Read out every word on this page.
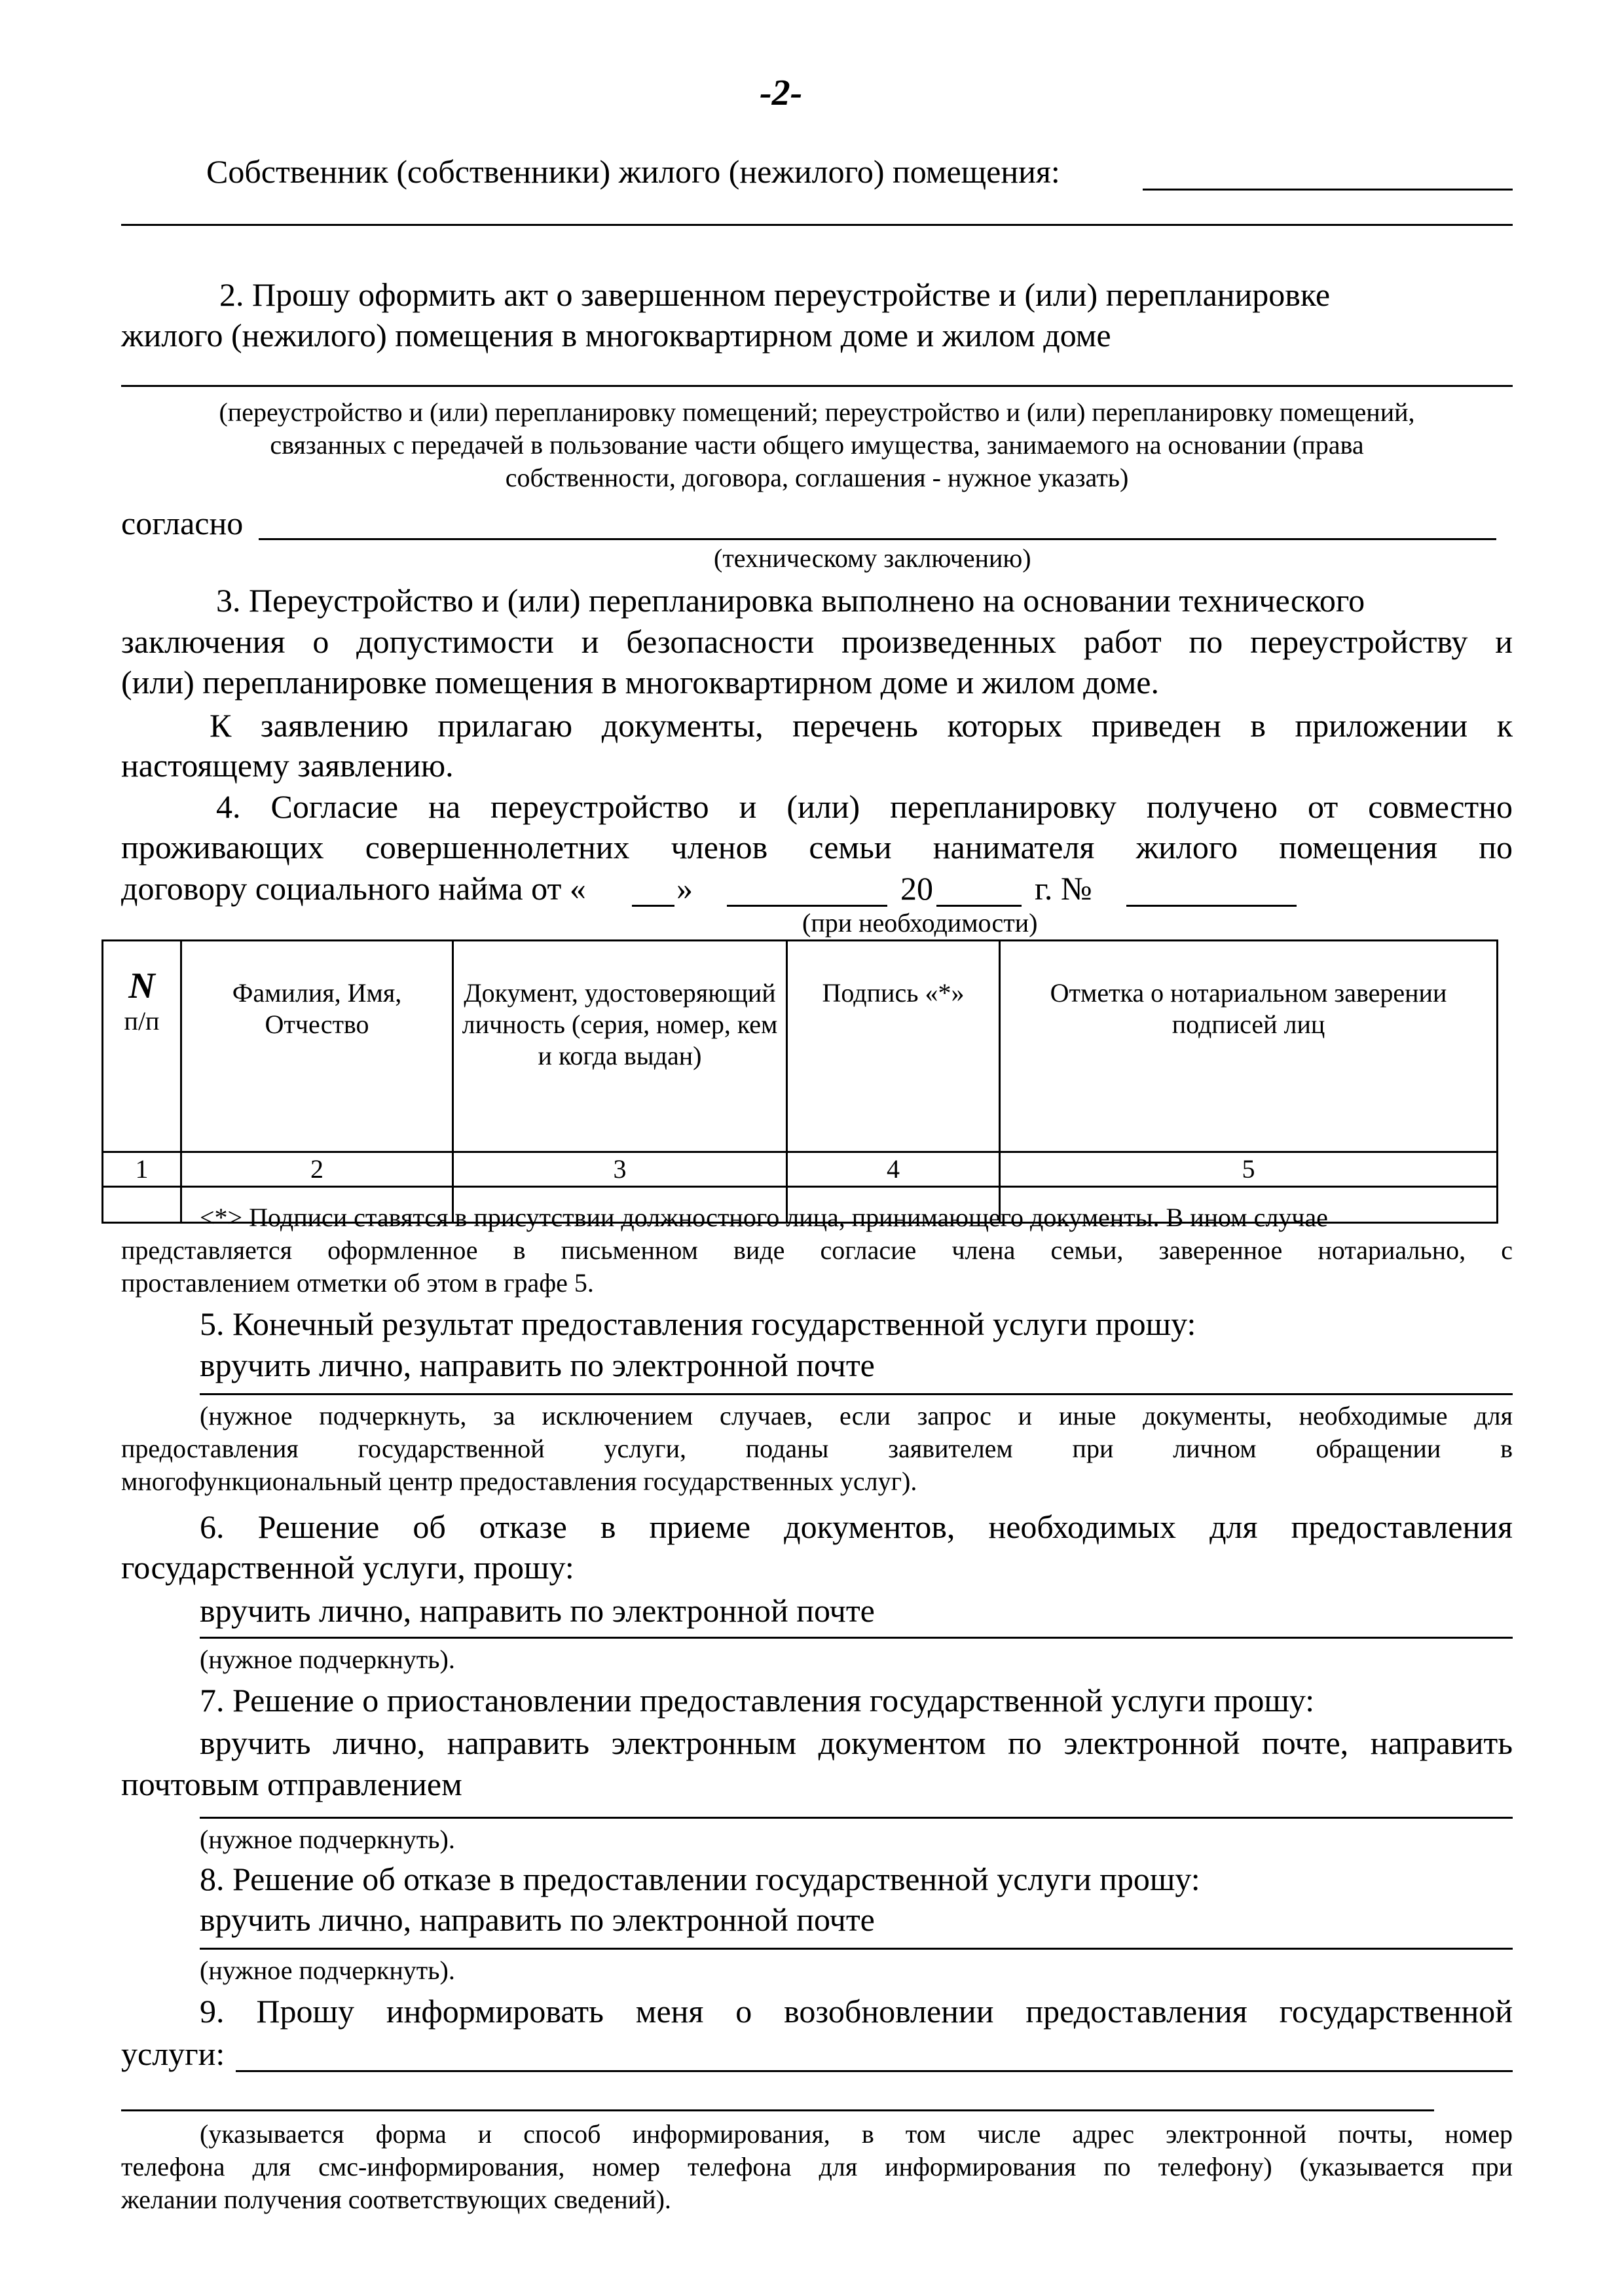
-2-
Собственник (собственники) жилого (нежилого) помещения:
2. Прошу оформить акт о завершенном переустройстве и (или) перепланировке
жилого (нежилого) помещения в многоквартирном доме и жилом доме
(переустройство и (или) перепланировку помещений; переустройство и (или) перепланировку помещений,
связанных с передачей в пользование части общего имущества, занимаемого на основании (права
собственности, договора, соглашения - нужное указать)
согласно
(техническому заключению)
3. Переустройство и (или) перепланировка выполнено на основании технического
заключения о допустимости и безопасности произведенных работ по переустройству и
(или) перепланировке помещения в многоквартирном доме и жилом доме.
К заявлению прилагаю документы, перечень которых приведен в приложении к
настоящему заявлению.
4. Согласие на переустройство и (или) перепланировку получено от совместно
проживающих совершеннолетних членов семьи нанимателя жилого помещения по
договору социального найма от «	»	20	г. №
(при необходимости)
N
п/п	Фамилия, Имя, Отчество	Документ, удостоверяющий личность (серия, номер, кем и когда выдан)	Подпись «*»	Отметка о нотариальном заверении подписей лиц
1	2	3	4	5

<*> Подписи ставятся в присутствии должностного лица, принимающего документы. В ином случае
представляется оформленное в письменном виде согласие члена семьи, заверенное нотариально, с
проставлением отметки об этом в графе 5.
5. Конечный результат предоставления государственной услуги прошу:
вручить лично, направить по электронной почте
(нужное подчеркнуть, за исключением случаев, если запрос и иные документы, необходимые для
предоставления государственной услуги, поданы заявителем при личном обращении в
многофункциональный центр предоставления государственных услуг).
6. Решение об отказе в приеме документов, необходимых для предоставления
государственной услуги, прошу:
вручить лично, направить по электронной почте
(нужное подчеркнуть).
7. Решение о приостановлении предоставления государственной услуги прошу:
вручить лично, направить электронным документом по электронной почте, направить
почтовым отправлением
(нужное подчеркнуть).
8. Решение об отказе в предоставлении государственной услуги прошу:
вручить лично, направить по электронной почте
(нужное подчеркнуть).
9. Прошу информировать меня о возобновлении предоставления государственной
услуги:
(указывается форма и способ информирования, в том числе адрес электронной почты, номер
телефона для смс-информирования, номер телефона для информирования по телефону) (указывается при
желании получения соответствующих сведений).
